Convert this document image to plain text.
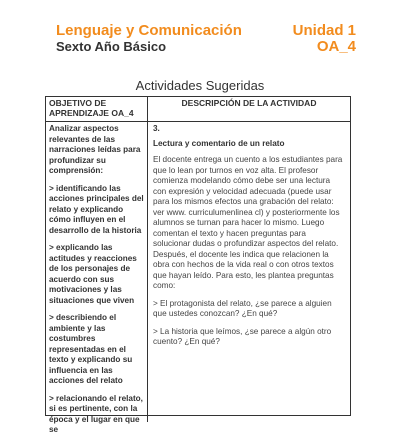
Lenguaje y Comunicación	Unidad 1
Sexto Año Básico	OA_4
Actividades Sugeridas
OBJETIVO DE APRENDIZAJE OA_4
DESCRIPCIÓN DE LA ACTIVIDAD

Analizar aspectos relevantes de las narraciones leídas para profundizar su comprensión:

> identificando las acciones principales del relato y explicando cómo influyen en el desarrollo de la historia

> explicando las actitudes y reacciones de los personajes de acuerdo con sus motivaciones y las situaciones que viven

> describiendo el ambiente y las costumbres representadas en el texto y explicando su influencia en las acciones del relato

> relacionando el relato, si es pertinente, con la época y el lugar en que se

3.

Lectura y comentario de un relato

El docente entrega un cuento a los estudiantes para que lo lean por turnos en voz alta. El profesor comienza modelando cómo debe ser una lectura con expresión y velocidad adecuada (puede usar para los mismos efectos una grabación del relato: ver www. curriculumenlinea cl) y posteriormente los alumnos se turnan para hacer lo mismo. Luego comentan el texto y hacen preguntas para solucionar dudas o profundizar aspectos del relato. Después, el docente les indica que relacionen la obra con hechos de la vida real o con otros textos que hayan leído. Para esto, les plantea preguntas como:

> El protagonista del relato, ¿se parece a alguien que ustedes conozcan? ¿En qué?

> La historia que leímos, ¿se parece a algún otro cuento? ¿En qué?
